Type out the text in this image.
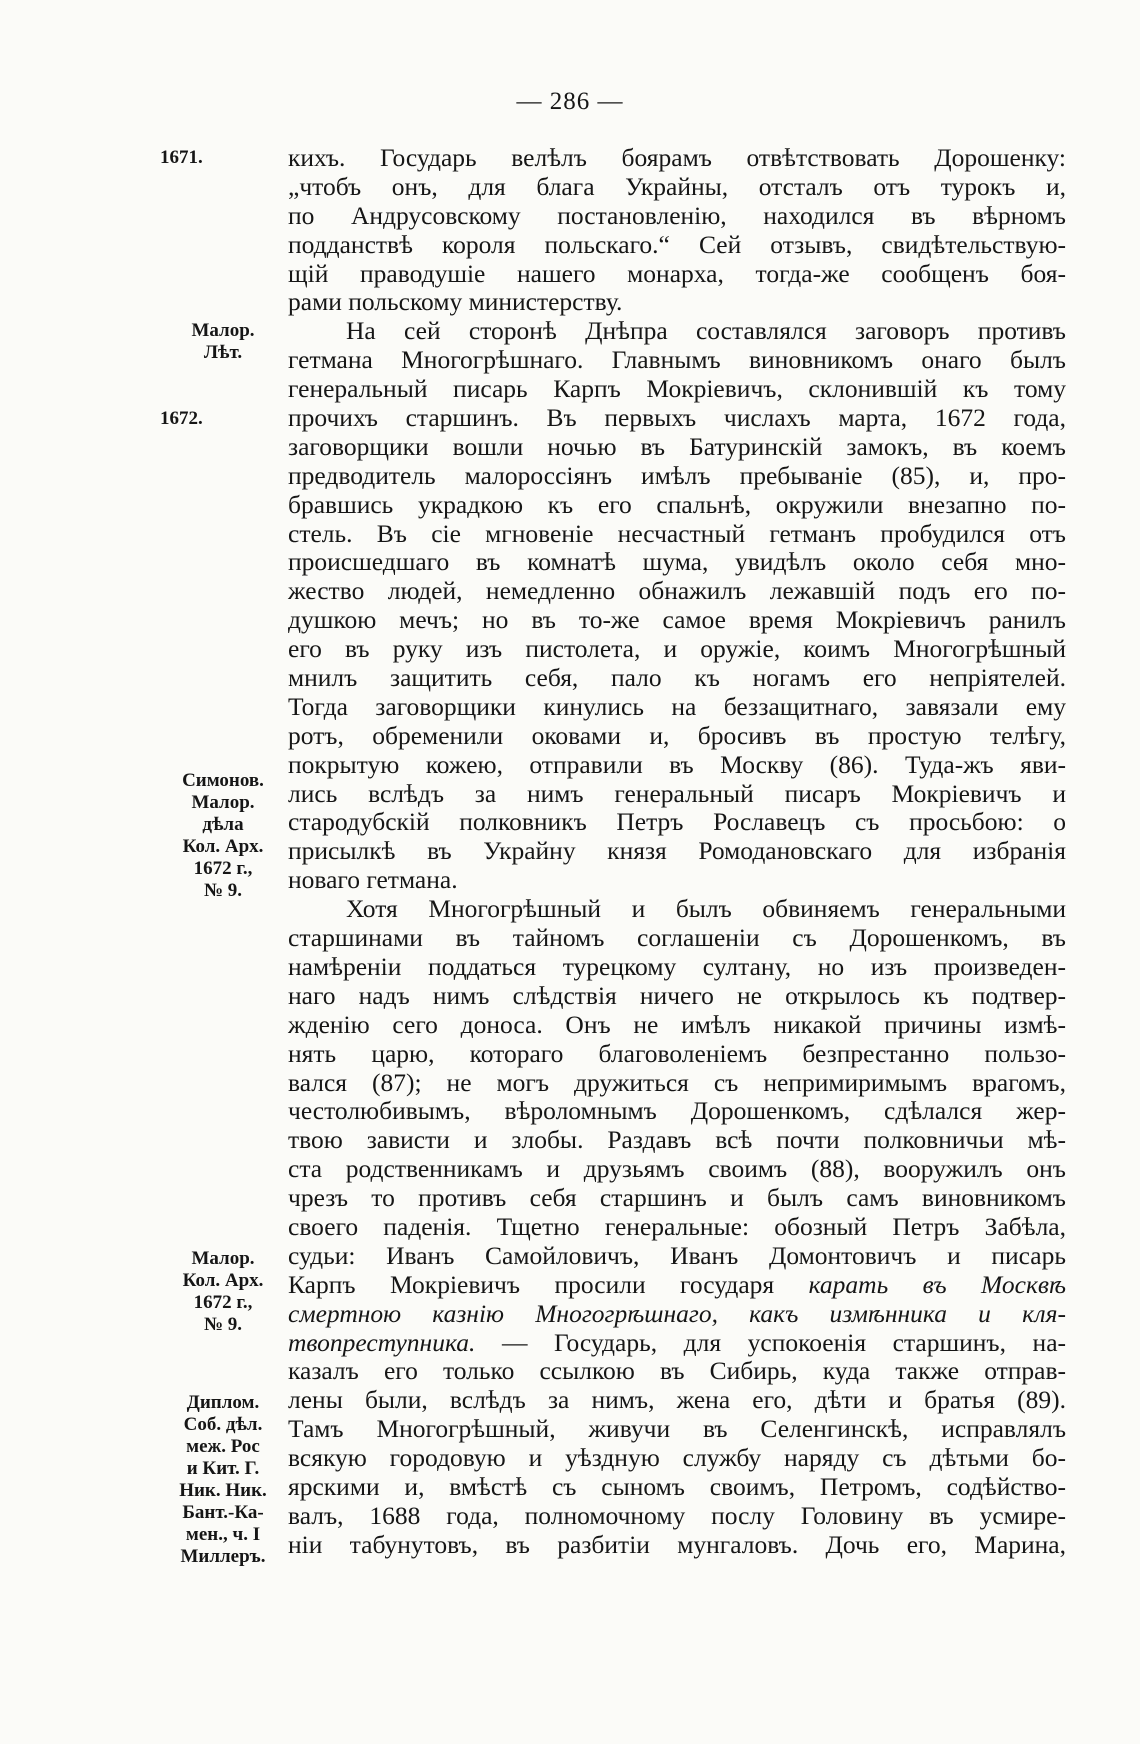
— 286 —
1671.
Малор.
Лѣт.
1672.
Симонов.
Малор.
дѣла
Кол. Арх.
1672 г.,
№ 9.
Малор.
Кол. Арх.
1672 г.,
№ 9.
Диплом.
Соб. дѣл.
меж. Рос
и Кит. Г.
Ник. Ник.
Бант.-Ка-
мен., ч. I
Миллеръ.
кихъ. Государь велѣлъ боярамъ отвѣтствовать Дорошенку:
„чтобъ онъ, для блага Украйны, отсталъ отъ турокъ и,
по Андрусовскому постановленію, находился въ вѣрномъ
подданствѣ короля польскаго.“ Сей отзывъ, свидѣтельствую-
щій праводушіе нашего монарха, тогда-же сообщенъ боя-
рами польскому министерству.
На сей сторонѣ Днѣпра составлялся заговоръ противъ
гетмана Многогрѣшнаго. Главнымъ виновникомъ онаго былъ
генеральный писарь Карпъ Мокріевичъ, склонившій къ тому
прочихъ старшинъ. Въ первыхъ числахъ марта, 1672 года,
заговорщики вошли ночью въ Батуринскій замокъ, въ коемъ
предводитель малороссіянъ имѣлъ пребываніе (85), и, про-
бравшись украдкою къ его спальнѣ, окружили внезапно по-
стель. Въ сіе мгновеніе несчастный гетманъ пробудился отъ
происшедшаго въ комнатѣ шума, увидѣлъ около себя мно-
жество людей, немедленно обнажилъ лежавшій подъ его по-
душкою мечъ; но въ то-же самое время Мокріевичъ ранилъ
его въ руку изъ пистолета, и оружіе, коимъ Многогрѣшный
мнилъ защитить себя, пало къ ногамъ его непріятелей.
Тогда заговорщики кинулись на беззащитнаго, завязали ему
ротъ, обременили оковами и, бросивъ въ простую телѣгу,
покрытую кожею, отправили въ Москву (86). Туда-жъ яви-
лись вслѣдъ за нимъ генеральный писаръ Мокріевичъ и
стародубскій полковникъ Петръ Рославецъ съ просьбою: о
присылкѣ въ Украйну князя Ромодановскаго для избранія
новаго гетмана.
Хотя Многогрѣшный и былъ обвиняемъ генеральными
старшинами въ тайномъ соглашеніи съ Дорошенкомъ, въ
намѣреніи поддаться турецкому султану, но изъ произведен-
наго надъ нимъ слѣдствія ничего не открылось къ подтвер-
жденію сего доноса. Онъ не имѣлъ никакой причины измѣ-
нять царю, котораго благоволеніемъ безпрестанно пользо-
вался (87); не могъ дружиться съ непримиримымъ врагомъ,
честолюбивымъ, вѣроломнымъ Дорошенкомъ, сдѣлался жер-
твою зависти и злобы. Раздавъ всѣ почти полковничьи мѣ-
ста родственникамъ и друзьямъ своимъ (88), вооружилъ онъ
чрезъ то противъ себя старшинъ и былъ самъ виновникомъ
своего паденія. Тщетно генеральные: обозный Петръ Забѣла,
судьи: Иванъ Самойловичъ, Иванъ Домонтовичъ и писарь
Карпъ Мокріевичъ просили государя карать въ Москвѣ
смертною казнію Многогрѣшнаго, какъ измѣнника и кля-
твопреступника. — Государь, для успокоенія старшинъ, на-
казалъ его только ссылкою въ Сибирь, куда также отправ-
лены были, вслѣдъ за нимъ, жена его, дѣти и братья (89).
Тамъ Многогрѣшный, живучи въ Селенгинскѣ, исправлялъ
всякую городовую и уѣздную службу наряду съ дѣтьми бо-
ярскими и, вмѣстѣ съ сыномъ своимъ, Петромъ, содѣйство-
валъ, 1688 года, полномочному послу Головину въ усмире-
ніи табунутовъ, въ разбитіи мунгаловъ. Дочь его, Марина,
